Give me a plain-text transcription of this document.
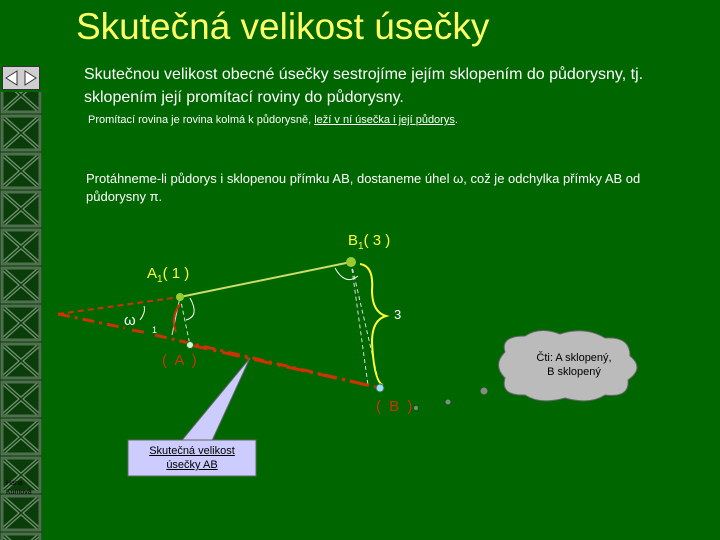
Skutečná velikost úsečky
Skutečnou velikost obecné úsečky sestrojíme jejím sklopením do půdorysny, tj. sklopením její promítací roviny do půdorysny.
Promítací rovina je rovina kolmá k půdorysně, leží v ní úsečka i její půdorys.
Protáhneme-li půdorys i sklopenou přímku AB, dostaneme úhel ω, což je odchylka přímky AB od půdorysny π.
$B_1$( 3 )
$A_1$( 1 )
ω
1
3
( A )
( B )
Čti: A sklopený,
B sklopený
Skutečná velikost
úsečky AB
Hana
Kuntová
